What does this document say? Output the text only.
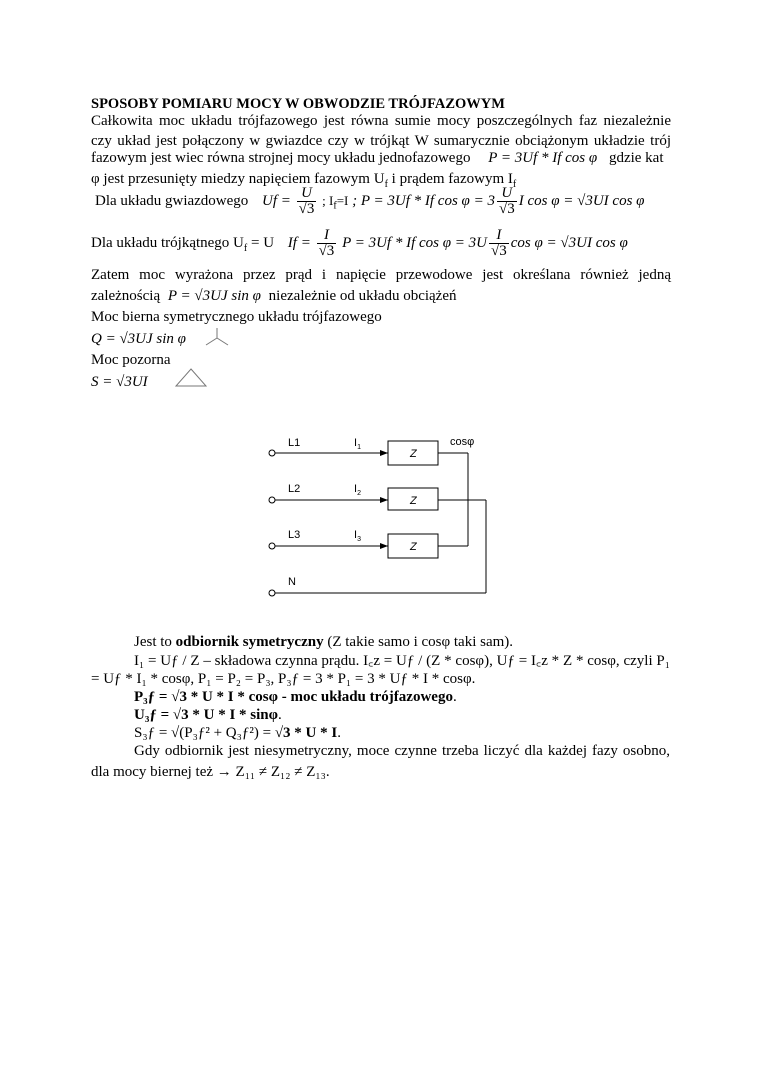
SPOSOBY POMIARU MOCY W OBWODZIE TRÓJFAZOWYM
Całkowita moc układu trójfazowego jest równa sumie mocy poszczególnych faz niezależnie
czy układ jest połączony w gwiazdce czy w trójkąt W sumarycznie obciążonym układzie trój
fazowym jest wiec równa strojnej mocy układu jednofazowego P = 3Uf * If cos φ gdzie kat
φ jest przesunięty miedzy napięciem fazowym $U_f$ i prądem fazowym $I_f$
Dla układu gwiazdowego $Uf = \frac{U}{√3}$ ; $I_f=I$ ; P = 3Uf * If $\cos \varphi = 3 \frac{U}{√3}$ I cos φ = √3UI cos φ
Dla układu trójkątnego $U_f = U$ $If = \frac{I}{√3}$ P = 3Uf * If $\cos \varphi = 3U \frac{I}{√3}$ cos φ = √3UI cos φ
Zatem moc wyrażona przez prąd i napięcie przewodowe jest określana również jedną
zależnością P = √3UJ sin φ niezależnie od układu obciążeń
Moc bierna symetrycznego układu trójfazowego
Q = √3UJ sin φ
Moc pozorna
S = √3UI
L1
L2
L3
N
$I_1$
$I_2$
$I_3$
Z
Z
Z
cosφ
Jest to odbiornik symetryczny (Z takie samo i cosφ taki sam).
I₁ = Uƒ / Z – składowa czynna prądu. I꜀z = Uƒ / (Z * cosφ), Uƒ = I꜀z * Z * cosφ, czyli P₁
= Uƒ * I₁ * cosφ, P₁ = P₂ = P₃, P₃ƒ = 3 * P₁ = 3 * Uƒ * I * cosφ.
P₃ƒ = √3 * U * I * cosφ - moc układu trójfazowego.
U₃ƒ = √3 * U * I * sinφ.
S₃ƒ = √(P₃ƒ² + Q₃ƒ²) = √3 * U * I.
Gdy odbiornik jest niesymetryczny, moce czynne trzeba liczyć dla każdej fazy osobno,
dla mocy biernej też → Z₁₁ ≠ Z₁₂ ≠ Z₁₃.
